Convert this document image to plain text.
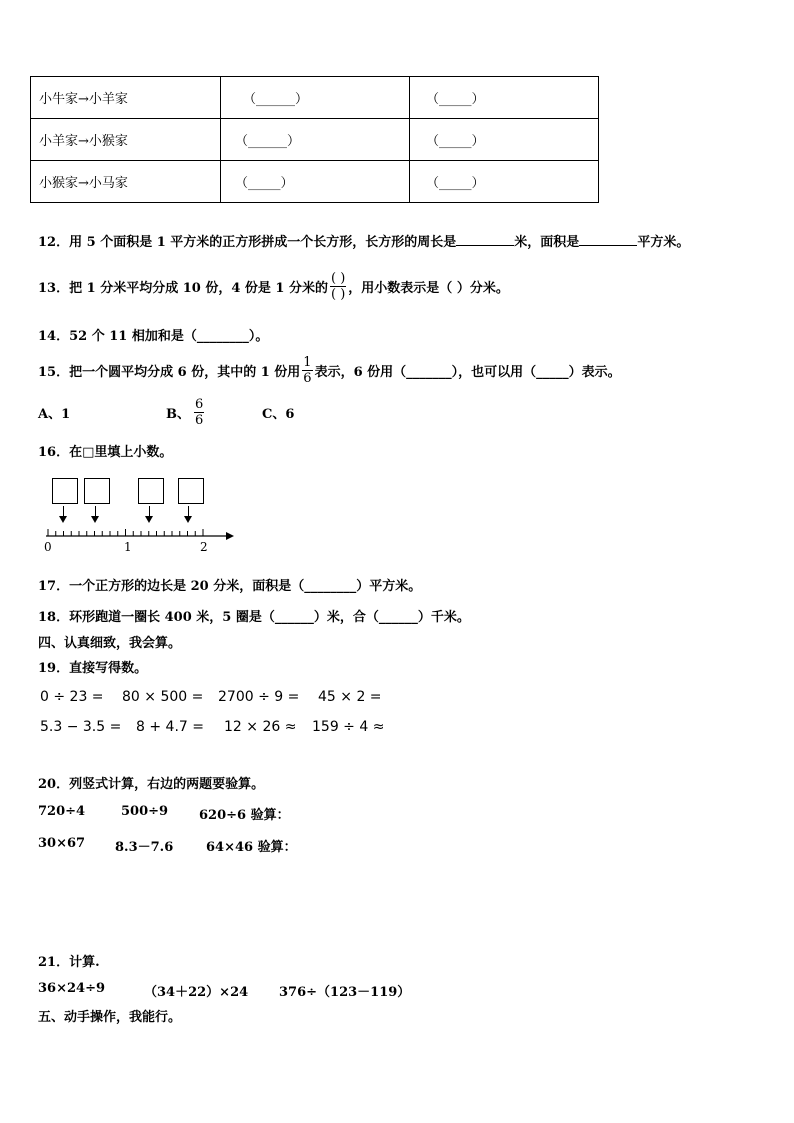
小牛家→小羊家	（______）	（_____）
小羊家→小猴家	（______）	（_____）
小猴家→小马家	（_____）	（_____）
12．用 5 个面积是 1 平方米的正方形拼成一个长方形，长方形的周长是	米，面积是	平方米。
13． 把 1 分米平均分成 10 份，4 份是 1 分米的 $\frac{( )}{( )}$ ，用小数表示是（ ）分米。
14．52 个 11 相加和是（________）。
15． 把一个圆平均分成 6 份，其中的 1 份用 $\frac{1}{6}$ 表示，6 份用（_______），也可以用（_____）表示。
A、1	B、 $\frac{6}{6}$	C、6
16．在□里填上小数。
0	1	2
17．一个正方形的边长是 20 分米，面积是（________）平方米。
18．环形跑道一圈长 400 米，5 圈是（______）米，合（______）千米。
四、认真细致，我会算。
19．直接写得数。
0 ÷ 23 = 80 × 500 = 2700 ÷ 9 = 45 × 2 =
5.3 − 3.5 = 8 + 4.7 = 12 × 26 ≈ 159 ÷ 4 ≈
20．列竖式计算，右边的两题要验算。
720÷4	500÷9 620÷6 验算：
30×67 8.3－7.6	64×46 验算：
21．计算.
36×24÷9	（34＋22）×24 376÷（123－119）
五、动手操作，我能行。
